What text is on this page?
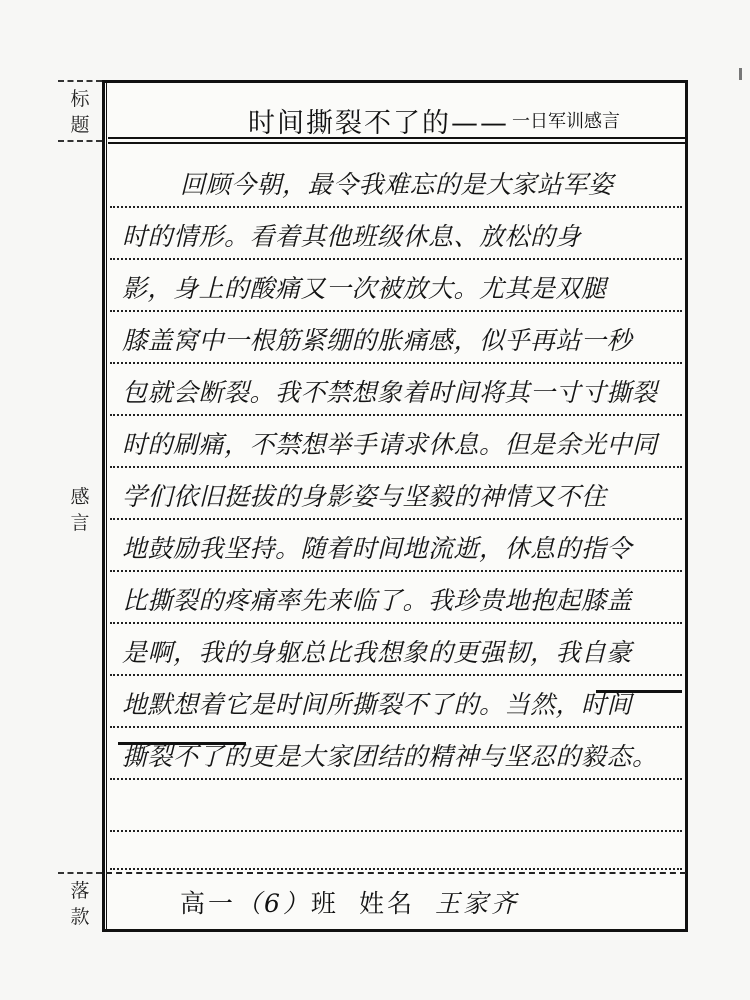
标
题
感
言
落
款
时间撕裂不了的—— 一日军训感言
回顾今朝，最令我难忘的是大家站军姿
时的情形。看着其他班级休息、放松的身
影，身上的酸痛又一次被放大。尤其是双腿
膝盖窝中一根筋紧绷的胀痛感，似乎再站一秒
包就会断裂。我不禁想象着时间将其一寸寸撕裂
时的刷痛，不禁想举手请求休息。但是余光中同
学们依旧挺拔的身影姿与坚毅的神情又不住
地鼓励我坚持。随着时间地流逝，休息的指令
比撕裂的疼痛率先来临了。我珍贵地抱起膝盖
是啊，我的身躯总比我想象的更强韧，我自豪
地默想着它是时间所撕裂不了的。当然，时间
撕裂不了的更是大家团结的精神与坚忍的毅态。
高一（6）班 姓名 王家齐
